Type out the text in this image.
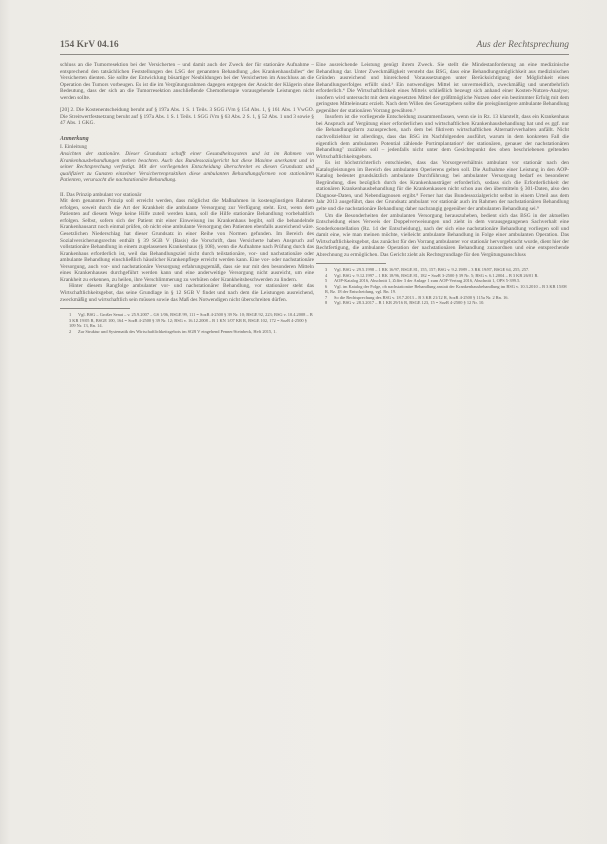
154 KrV 04.16	Aus der Rechtsprechung

schluss an die Tumorresektion bei der Versicherten – und damit auch der Zweck der für stationäre Aufnahme – entsprechend den tatsächlichen Feststellungen des LSG der genannten Behandlung „des Krankenhausfalles“ der Versicherten dienten. Sie sollte der Entwicklung bösartiger Neubildungen bei der Versicherten im Anschluss an die Operation des Tumors vorbeugen. Es ist die im Vergütungsrahmen dagegen entgegen der Ansicht der Klägerin ohne Bedeutung, dass der sich an die Tumorresektion anschließende Chemotherapie vorausgehende Leistungen nicht werden sollte.

[20] 2. Die Kostenentscheidung beruht auf § 197a Abs. 1 S. 1 Teils. 3 SGG iVm § 154 Abs. 1, § 161 Abs. 1 VwGO. Die Streitwertfestsetzung beruht auf § 197a Abs. 1 S. 1 Teils. 1 SGG iVm § 63 Abs. 2 S. 1, § 52 Abs. 1 und 3 sowie § 47 Abs. 1 GKG.

Anmerkung

I. Einleitung

Ansichten der stationäre. Dieser Grundsatz schafft einer Gesundheitssystem und ist im Rahmen von Krankenhausbehandlungen stehen beachten. Auch das Bundessozialgericht hat diese Maxime anerkannt und in seiner Rechtsprechung verfestigt. Mit der vorliegenden Entscheidung überschreitet es diesen Grundsatz und qualifiziert zu Gunsten einzelner Versichertenpraktiken diese ambulanten Behandlungsformen von stationären Patienten, verursacht die nachstationäre Behandlung.

II. Das Prinzip ambulant vor stationär

Mit dem genannten Prinzip soll erreicht werden, dass möglichst die Maßnahmen in kostengünstigen Rahmen erfolgen, soweit durch die Art der Krankheit die ambulante Versorgung zur Verfügung steht. Erst, wenn dem Patienten auf diesem Wege keine Hilfe zuteil werden kann, soll die Hilfe stationäre Behandlung vorbehaltlich erfolgen. Selbst, sofern sich der Patient mit einer Einweisung ins Krankenhaus begibt, soll die behandelnde Krankenhausarzt noch einmal prüfen, ob nicht eine ambulante Versorgung den Patienten ebenfalls ausreichend wäre. Gesetzlichen Niederschlag hat dieser Grundsatz in einer Reihe von Normen gefunden. Im Bereich des Sozialversicherungsrechts enthält § 39 SGB V (Basis) die Vorschrift, dass Versicherte haben Anspruch auf vollstationäre Behandlung in einem zugelassenen Krankenhaus (§ 108), wenn die Aufnahme nach Prüfung durch das Krankenhaus erforderlich ist, weil das Behandlungsziel nicht durch teilstationäre, vor- und nachstationäre oder ambulante Behandlung einschließlich häuslicher Krankenpflege erreicht werden kann. Eine vor- oder nachstationäre Versorgung, auch vor- und nachstationäre Versorgung erfahrungsgemäß, dass sie nur mit den besonderen Mitteln eines Krankenhauses durchgeführt werden kann und eine anderweitige Versorgung nicht ausreicht, um eine Krankheit zu erkennen, zu heilen, ihre Verschlimmerung zu verhüten oder Krankheitsbeschwerden zu lindern.

Hinter diesem Rangfolge ambulanter vor- und nachstationärer Behandlung, vor stationärer steht das Wirtschaftlichkeitsgebot, das seine Grundlage in § 12 SGB V findet und nach dem die Leistungen ausreichend, zweckmäßig und wirtschaftlich sein müssen sowie das Maß des Notwendigen nicht überschreiten dürfen.

1 Vgl. BSG – Großer Senat – v. 25.9.2007 – GS 1/06, BSGE 99, 111 = SozR 4-2500 § 39 Nr. 10; BSGE 92, 223; BSG v. 10.4.2008 – B 3 KR 19/05 R, BSGE 100, 164 = SozR 4-2500 § 39 Nr. 12; BSG v. 16.12.2008 – B 1 KN 1/07 KR R, BSGE 102, 172 = SozR 4-2500 § 109 Nr. 13, Rn. 14.

2 Zur Struktur und Systematik des Wirtschaftlichkeitsgebots im SGB V eingehend Penner/Steinbeck, Heft 2015, 1.

Eine ausreichende Leistung genügt ihrem Zweck. Sie stellt die Mindestanforderung an eine medizinische Behandlung dar. Unter Zweckmäßigkeit versteht das BSG, dass eine Behandlungsmöglichkeit aus medizinischen Gründen ausreichend und hinreichend Voraussetzungen unter Berücksichtigung der Möglichkeit eines Behandlungserfolges erfüllt sind.³ Ein notwendiges Mittel ist unvermeidlich, zweckmäßig und unentbehrlich erforderlich.⁴ Die Wirtschaftlichkeit eines Mittels schließlich bezeugt sich anhand einer Kosten-Nutzen-Analyse; insofern wird untersucht mit dem eingesetzten Mittel der größtmögliche Nutzen oder ein bestimmter Erfolg mit dem geringsten Mitteleinsatz erzielt. Nach dem Willen des Gesetzgebers sollte die preisgünstigere ambulante Behandlung gegenüber der stationären Vorrang gewähren.⁵

Insofern ist die vorliegende Entscheidung zusammenfassen, wenn sie in Rz. 13 klarstellt, dass ein Krankenhaus bei Anspruch auf Vergütung einer erforderlichen und wirtschaftlichen Krankenhausbehandlung hat und es ggf. nur die Behandlungsform zuzusprechen, nach dem bei fiktivem wirtschaftlichen Alternativverhalten anfällt. Nicht nachvollziehbar ist allerdings, dass das BSG im Nachfolgenden ausführt, warum in dem konkreten Fall die eigentlich dem ambulanten Potential zählende Portimplantation⁶ der stationären, genauer der nachstationären Behandlung⁷ zuzählen soll – jedenfalls nicht unter dem Gesichtspunkt des oben beschriebenen geltenden Wirtschaftlichkeitsgebots.

Es ist höchstrichterlich entschieden, dass das Vorsorgeverhältnis ambulant vor stationär nach den Katalogleistungen im Bereich des ambulanten Operierens gelten soll. Die Aufnahme einer Leistung in den AOP-Katalog bedeutet grundsätzlich ambulante Durchführung; bei ambulanter Versorgung bedarf es besonderer Begründung, dies bezüglich durch des Krankenhausträger erforderlich, sodass sich die Erforderlichkeit der stationären Krankenhausbehandlung für die Krankenkassen nicht schon aus den übermitteln § 301-Daten, also den Diagnose-Daten, und Nebendiagnosen ergibt.⁸ Ferner hat das Bundessozialgericht selbst in einem Urteil aus dem Jahr 2013 ausgeführt, dass der Grundsatz ambulant vor stationär auch im Rahmen der nachstationären Behandlung gelte und die nachstationäre Behandlung daher nachrangig gegenüber der ambulanten Behandlung sei.⁹

Um die Besonderheiten der ambulanten Versorgung herauszuheben, bedient sich das BSG in der aktuellen Entscheidung eines Verweis der Doppelverweisungen und zieht in dem vorausgegangenen Sachverhalt eine Sonderkonstellation (Rz. 14 der Entscheidung), nach der sich eine nachstationäre Behandlung vorliegen soll und damit eine, wie man meinen möchte, vielleicht ambulante Behandlung in Folge einer ambulanten Operation. Das Wirtschaftlichkeitsgebot, das zunächst für den Vorrang ambulanter vor stationär hervorgebracht wurde, dient hier der Rechtfertigung, die ambulante Operation der nachstationären Behandlung zuzuordnen und eine entsprechende Abrechnung zu ermöglichen. Das Gericht zieht als Rechtsgrundlage für den Vergütungsanschluss

3 Vgl. BSG v. 29.5.1998 – 1 RK 16/97, BSGE 81, 155, 157; BSG v. 9.2.1989 – 3 RK 19/87, BSGE 64, 255, 257.

4 Vgl. BSG v. 9.12.1997 – 1 RK 18/96, BSGE 81, 182 = SozR 3-2500 § 39 Nr. 5; BSG v. 6.1.2004 – B 3 KR 26/01 R.

5 AOP-Katalog 2016, Abschnitt 1, Ziffer 3 der Anlage 1 zum AOP-Vertrag 2016, Abschnitt 1, OPS 5-399.5.

6 Vgl. im Katalog der Folge, ob nachstationäre Behandlung anstatt der Krankenhausbehandlung im BSG v. 10.3.2010 – B 3 KR 15/08 R, Rz. 18 der Entscheidung, vgl. Rn. 19.

7 So die Rechtsprechung des BSG v. 18.7.2013 – B 3 KR 21/12 R, SozR 4-2500 § 115a Nr. 2 Rn. 16.

8 Vgl. BSG v. 28.3.2017 – B 1 KR 29/16 R, BSGE 123, 15 = SozR 4-2500 § 12 Nr. 10.
